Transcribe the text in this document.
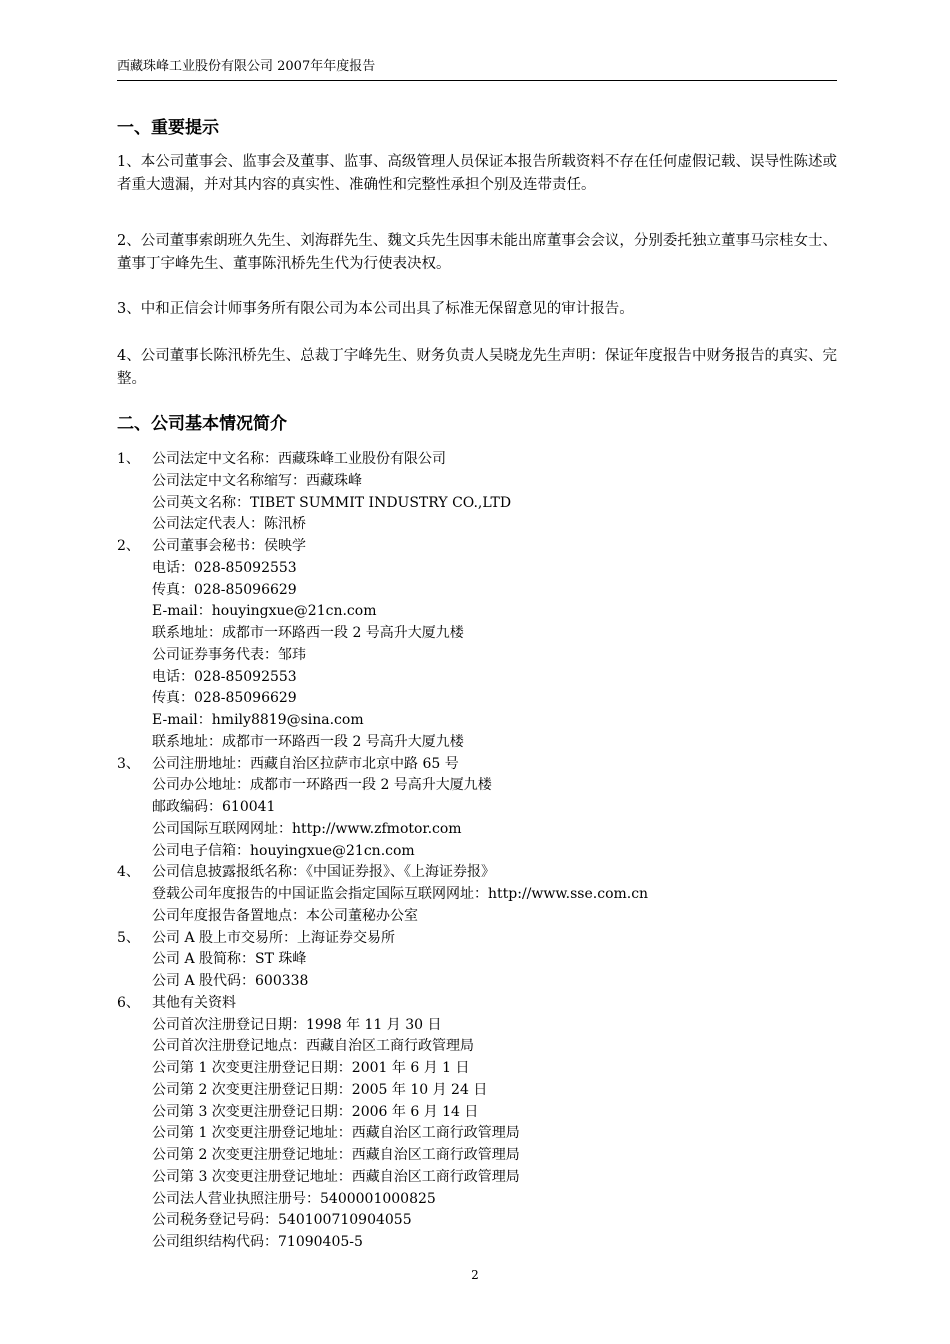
西藏珠峰工业股份有限公司 2007年年度报告
一、重要提示
1、本公司董事会、监事会及董事、监事、高级管理人员保证本报告所载资料不存在任何虚假记载、误导性陈述或者重大遗漏，并对其内容的真实性、准确性和完整性承担个别及连带责任。
2、公司董事索朗班久先生、刘海群先生、魏文兵先生因事未能出席董事会会议，分别委托独立董事马宗桂女士、董事丁宇峰先生、董事陈汛桥先生代为行使表决权。
3、中和正信会计师事务所有限公司为本公司出具了标准无保留意见的审计报告。
4、公司董事长陈汛桥先生、总裁丁宇峰先生、财务负责人吴晓龙先生声明：保证年度报告中财务报告的真实、完整。
二、公司基本情况简介
1、 公司法定中文名称：西藏珠峰工业股份有限公司
公司法定中文名称缩写：西藏珠峰
公司英文名称：TIBET SUMMIT INDUSTRY CO.,LTD
公司法定代表人：陈汛桥
2、 公司董事会秘书：侯映学
电话：028-85092553
传真：028-85096629
E-mail：houyingxue@21cn.com
联系地址：成都市一环路西一段 2 号高升大厦九楼
公司证券事务代表：邹玮
电话：028-85092553
传真：028-85096629
E-mail：hmily8819@sina.com
联系地址：成都市一环路西一段 2 号高升大厦九楼
3、 公司注册地址：西藏自治区拉萨市北京中路 65 号
公司办公地址：成都市一环路西一段 2 号高升大厦九楼
邮政编码：610041
公司国际互联网网址：http://www.zfmotor.com
公司电子信箱：houyingxue@21cn.com
4、 公司信息披露报纸名称：《中国证券报》、《上海证券报》
登载公司年度报告的中国证监会指定国际互联网网址：http://www.sse.com.cn
公司年度报告备置地点：本公司董秘办公室
5、 公司 A 股上市交易所：上海证券交易所
公司 A 股简称：ST 珠峰
公司 A 股代码：600338
6、 其他有关资料
公司首次注册登记日期：1998 年 11 月 30 日
公司首次注册登记地点：西藏自治区工商行政管理局
公司第 1 次变更注册登记日期：2001 年 6 月 1 日
公司第 2 次变更注册登记日期：2005 年 10 月 24 日
公司第 3 次变更注册登记日期：2006 年 6 月 14 日
公司第 1 次变更注册登记地址：西藏自治区工商行政管理局
公司第 2 次变更注册登记地址：西藏自治区工商行政管理局
公司第 3 次变更注册登记地址：西藏自治区工商行政管理局
公司法人营业执照注册号：5400001000825
公司税务登记号码：540100710904055
公司组织结构代码：71090405-5
2
